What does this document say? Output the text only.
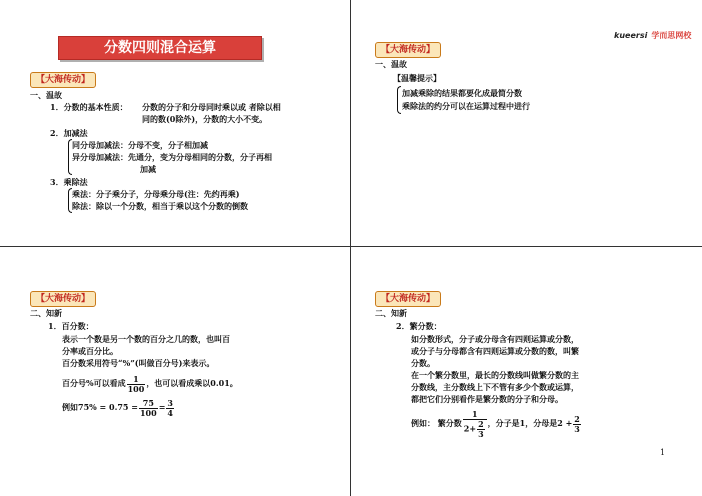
kueersi 学而思网校
分数四则混合运算
【大海传动】
一、温故
1．分数的基本性质： 分数的分子和分母同时乘以或 者除以相
同的数(0除外)，分数的大小不变。
2．加减法
同分母加减法：分母不变，分子相加减
异分母加减法：先通分，变为分母相同的分数，分子再相
加减
3．乘除法
乘法：分子乘分子，分母乘分母(注：先约再乘)
除法：除以一个分数，相当于乘以这个分数的倒数
【大海传动】
一、温故
【温馨提示】
加减乘除的结果都要化成最简分数
乘除法的约分可以在运算过程中进行
【大海传动】
二、知新
1．百分数：
表示一个数是另一个数的百分之几的数，也叫百
分率或百分比。
百分数采用符号“%”(叫做百分号)来表示。
百分号%可以看成 $\frac{1}{100}$ ，也可以看成乘以0.01。
例如$75\% = 0.75 = \frac{75}{100} = \frac{3}{4}$
【大海传动】
二、知新
2．繁分数：
如分数形式，分子或分母含有四则运算或分数，
或分子与分母都含有四则运算或分数的数，叫繁
分数。
在一个繁分数里，最长的分数线叫做繁分数的主
分数线，主分数线上下不管有多少个数或运算，
都把它们分别看作是繁分数的分子和分母。
例如： 繁分数 $\frac{1}{2+ \frac{2}{3}}$ ，分子是1，分母是$2 + \frac{2}{3}$
1
